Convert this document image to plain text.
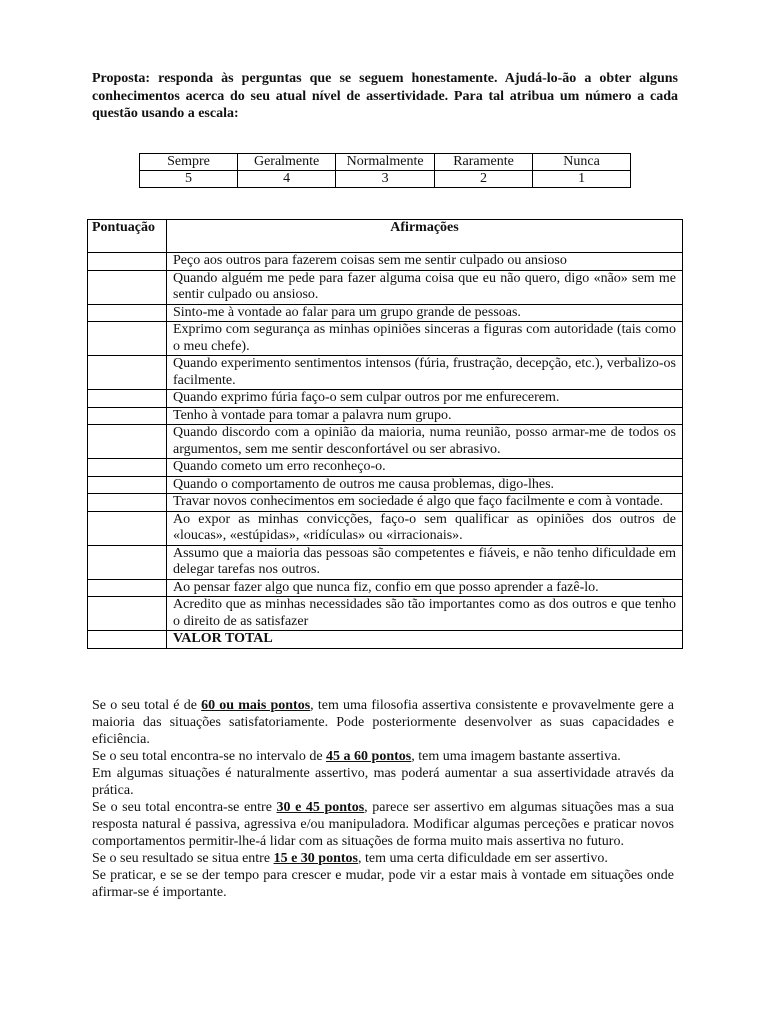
Proposta: responda às perguntas que se seguem honestamente. Ajudá-lo-ão a obter alguns conhecimentos acerca do seu atual nível de assertividade. Para tal atribua um número a cada questão usando a escala:

Sempre	Geralmente	Normalmente	Raramente	Nunca
5	4	3	2	1
Pontuação	Afirmações
	Peço aos outros para fazerem coisas sem me sentir culpado ou ansioso
	Quando alguém me pede para fazer alguma coisa que eu não quero, digo «não» sem me sentir culpado ou ansioso.
	Sinto-me à vontade ao falar para um grupo grande de pessoas.
	Exprimo com segurança as minhas opiniões sinceras a figuras com autoridade (tais como o meu chefe).
	Quando experimento sentimentos intensos (fúria, frustração, decepção, etc.), verbalizo-os facilmente.
	Quando exprimo fúria faço-o sem culpar outros por me enfurecerem.
	Tenho à vontade para tomar a palavra num grupo.
	Quando discordo com a opinião da maioria, numa reunião, posso armar-me de todos os argumentos, sem me sentir desconfortável ou ser abrasivo.
	Quando cometo um erro reconheço-o.
	Quando o comportamento de outros me causa problemas, digo-lhes.
	Travar novos conhecimentos em sociedade é algo que faço facilmente e com à vontade.
	Ao expor as minhas convicções, faço-o sem qualificar as opiniões dos outros de «loucas», «estúpidas», «ridículas» ou «irracionais».
	Assumo que a maioria das pessoas são competentes e fiáveis, e não tenho dificuldade em delegar tarefas nos outros.
	Ao pensar fazer algo que nunca fiz, confio em que posso aprender a fazê-lo.
	Acredito que as minhas necessidades são tão importantes como as dos outros e que tenho o direito de as satisfazer
	VALOR TOTAL

Se o seu total é de 60 ou mais pontos, tem uma filosofia assertiva consistente e provavelmente gere a maioria das situações satisfatoriamente. Pode posteriormente desenvolver as suas capacidades e eficiência.

Se o seu total encontra-se no intervalo de 45 a 60 pontos, tem uma imagem bastante assertiva.

Em algumas situações é naturalmente assertivo, mas poderá aumentar a sua assertividade através da prática.

Se o seu total encontra-se entre 30 e 45 pontos, parece ser assertivo em algumas situações mas a sua resposta natural é passiva, agressiva e/ou manipuladora. Modificar algumas perceções e praticar novos comportamentos permitir-lhe-á lidar com as situações de forma muito mais assertiva no futuro.

Se o seu resultado se situa entre 15 e 30 pontos, tem uma certa dificuldade em ser assertivo.

Se praticar, e se se der tempo para crescer e mudar, pode vir a estar mais à vontade em situações onde afirmar-se é importante.
